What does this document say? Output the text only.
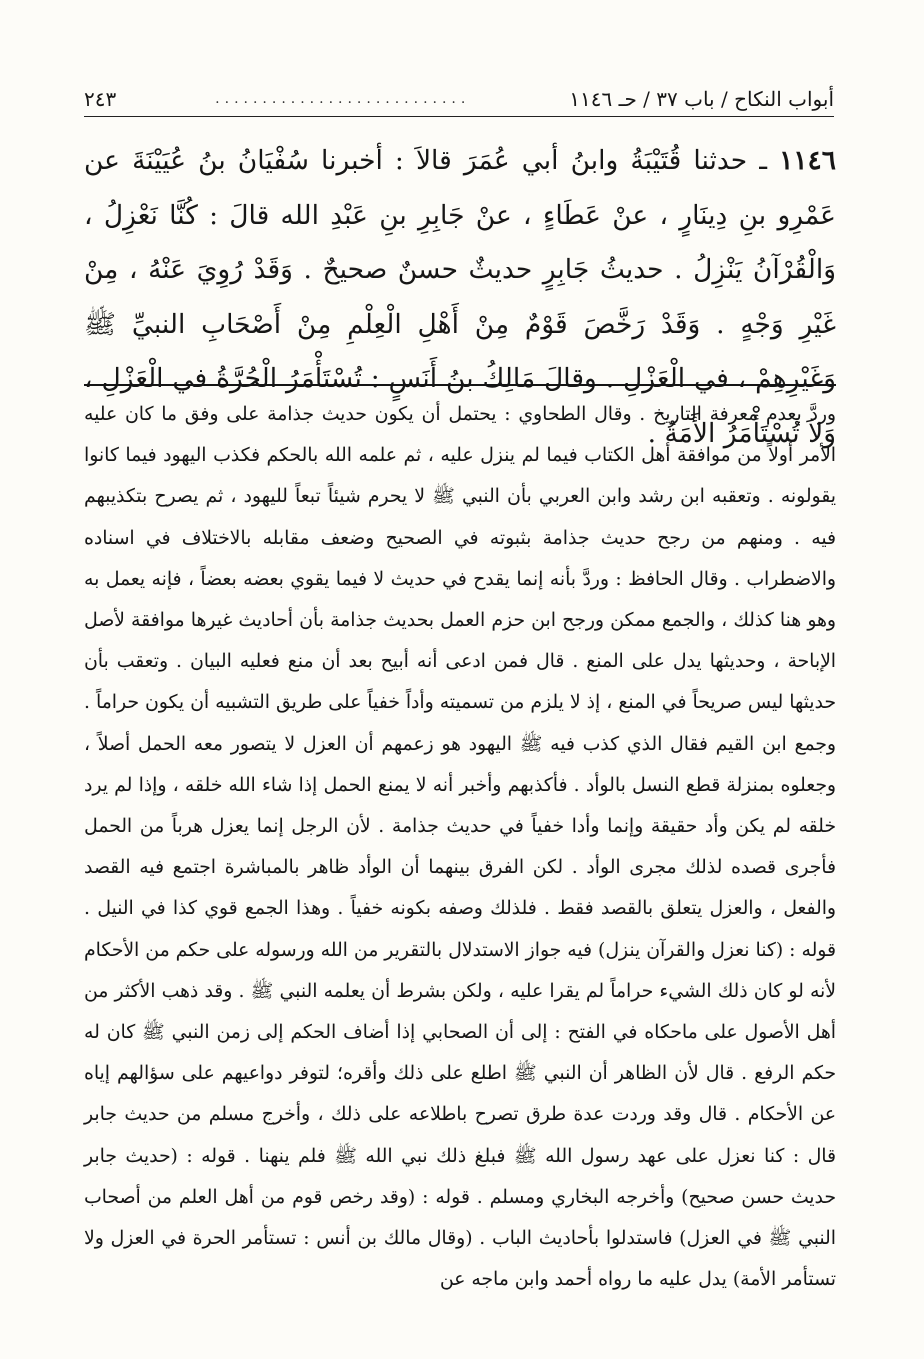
أبواب النكاح / باب ٣٧ / حـ ١١٤٦
...........................
٢٤٣

١١٤٦ ـ حدثنا قُتَيْبَةُ وابنُ أبي عُمَرَ قالاَ : أخبرنا سُفْيَانُ بنُ عُيَيْنَةَ عن عَمْرِو بنِ دِينَارٍ ، عنْ عَطَاءٍ ، عنْ جَابِرِ بنِ عَبْدِ الله قالَ : كُنَّا نَعْزِلُ ، وَالْقُرْآنُ يَنْزِلُ . حديثُ جَابِرٍ حديثٌ حسنٌ صحيحٌ . وَقَدْ رُوِيَ عَنْهُ ، مِنْ غَيْرِ وَجْهٍ . وَقَدْ رَخَّصَ قَوْمٌ مِنْ أَهْلِ الْعِلْمِ مِنْ أَصْحَابِ النبيِّ ﷺ وَغَيْرِهِمْ ، في الْعَزْلِ . وقالَ مَالِكُ بنُ أَنَسٍ : تُسْتَأْمَرُ الْحُرَّةُ في الْعَزْلِ ، وَلاَ تُسْتَأْمَرُ الأَمَةُ .

وردَّ بعدم معرفة التاريخ . وقال الطحاوي : يحتمل أن يكون حديث جذامة على وفق ما كان عليه الأمر أولاً من موافقة أهل الكتاب فيما لم ينزل عليه ، ثم علمه الله بالحكم فكذب اليهود فيما كانوا يقولونه . وتعقبه ابن رشد وابن العربي بأن النبي ﷺ لا يحرم شيئاً تبعاً لليهود ، ثم يصرح بتكذيبهم فيه . ومنهم من رجح حديث جذامة بثبوته في الصحيح وضعف مقابله بالاختلاف في اسناده والاضطراب . وقال الحافظ : وردَّ بأنه إنما يقدح في حديث لا فيما يقوي بعضه بعضاً ، فإنه يعمل به وهو هنا كذلك ، والجمع ممكن ورجح ابن حزم العمل بحديث جذامة بأن أحاديث غيرها موافقة لأصل الإباحة ، وحديثها يدل على المنع . قال فمن ادعى أنه أبيح بعد أن منع فعليه البيان . وتعقب بأن حديثها ليس صريحاً في المنع ، إذ لا يلزم من تسميته وأداً خفياً على طريق التشبيه أن يكون حراماً . وجمع ابن القيم فقال الذي كذب فيه ﷺ اليهود هو زعمهم أن العزل لا يتصور معه الحمل أصلاً ، وجعلوه بمنزلة قطع النسل بالوأد . فأكذبهم وأخبر أنه لا يمنع الحمل إذا شاء الله خلقه ، وإذا لم يرد خلقه لم يكن وأد حقيقة وإنما وأدا خفياً في حديث جذامة . لأن الرجل إنما يعزل هرباً من الحمل فأجرى قصده لذلك مجرى الوأد . لكن الفرق بينهما أن الوأد ظاهر بالمباشرة اجتمع فيه القصد والفعل ، والعزل يتعلق بالقصد فقط . فلذلك وصفه بكونه خفياً . وهذا الجمع قوي كذا في النيل . قوله : (كنا نعزل والقرآن ينزل) فيه جواز الاستدلال بالتقرير من الله ورسوله على حكم من الأحكام لأنه لو كان ذلك الشيء حراماً لم يقرا عليه ، ولكن بشرط أن يعلمه النبي ﷺ . وقد ذهب الأكثر من أهل الأصول على ماحكاه في الفتح : إلى أن الصحابي إذا أضاف الحكم إلى زمن النبي ﷺ كان له حكم الرفع . قال لأن الظاهر أن النبي ﷺ اطلع على ذلك وأقره؛ لتوفر دواعيهم على سؤالهم إياه عن الأحكام . قال وقد وردت عدة طرق تصرح باطلاعه على ذلك ، وأخرج مسلم من حديث جابر قال : كنا نعزل على عهد رسول الله ﷺ فبلغ ذلك نبي الله ﷺ فلم ينهنا . قوله : (حديث جابر حديث حسن صحيح) وأخرجه البخاري ومسلم . قوله : (وقد رخص قوم من أهل العلم من أصحاب النبي ﷺ في العزل) فاستدلوا بأحاديث الباب . (وقال مالك بن أنس : تستأمر الحرة في العزل ولا تستأمر الأمة) يدل عليه ما رواه أحمد وابن ماجه عن
